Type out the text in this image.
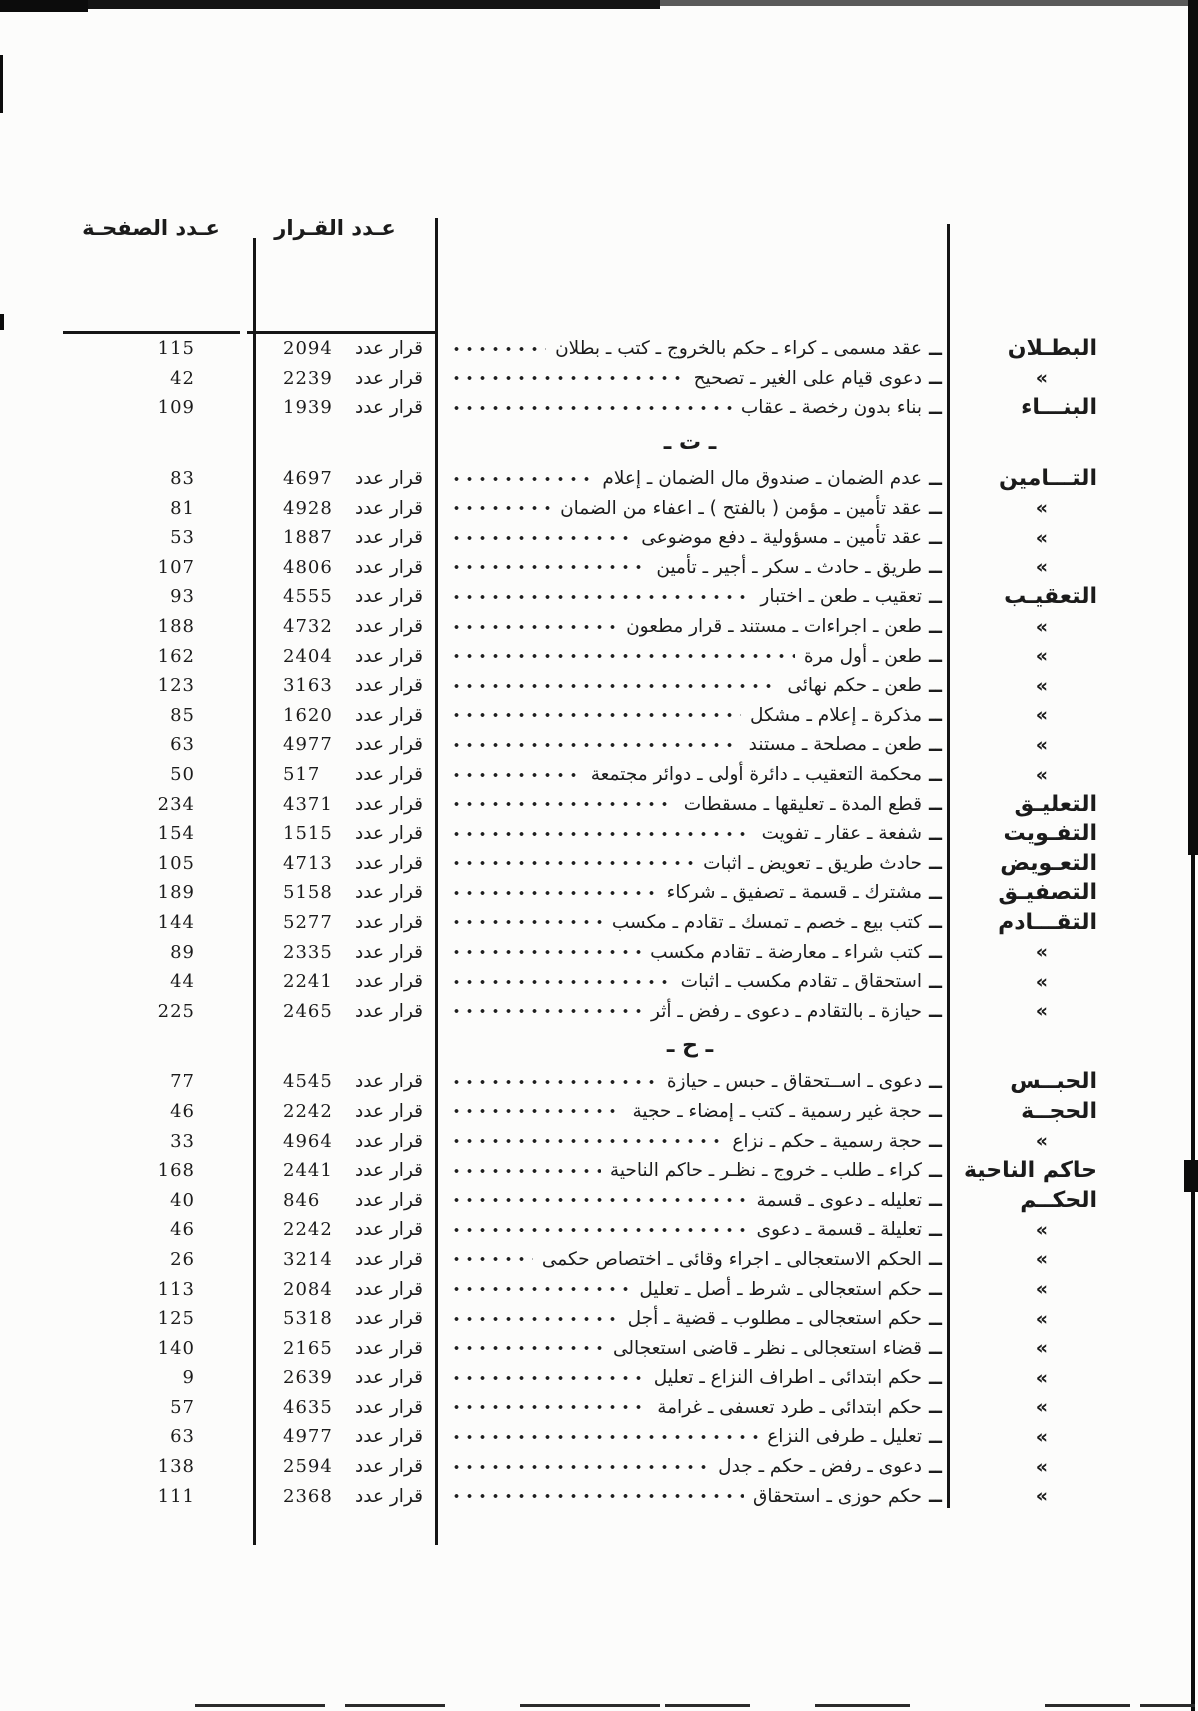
عـدد الصفحـة	عـدد القـرار
البطـلان
ــ
عقد مسمى ـ كراء ـ حكم بالخروج ـ كتب ـ بطلان
قرار عدد
2094
115
»
ــ
دعوى قيام على الغير ـ تصحيح
قرار عدد
2239
42
البنـــاء
ــ
بناء بدون رخصة ـ عقاب
قرار عدد
1939
109
ـ ت ـ
التـــامين
ــ
عدم الضمان ـ صندوق مال الضمان ـ إعلام
قرار عدد
4697
83
»
ــ
عقد تأمين ـ مؤمن ( بالفتح ) ـ اعفاء من الضمان
قرار عدد
4928
81
»
ــ
عقد تأمين ـ مسؤولية ـ دفع موضوعى
قرار عدد
1887
53
»
ــ
طريق ـ حادث ـ سكر ـ أجير ـ تأمين
قرار عدد
4806
107
التعقيـب
ــ
تعقيب ـ طعن ـ اختبار
قرار عدد
4555
93
»
ــ
طعن ـ اجراءات ـ مستند ـ قرار مطعون
قرار عدد
4732
188
»
ــ
طعن ـ أول مرة
قرار عدد
2404
162
»
ــ
طعن ـ حكم نهائى
قرار عدد
3163
123
»
ــ
مذكرة ـ إعلام ـ مشكل
قرار عدد
1620
85
»
ــ
طعن ـ مصلحة ـ مستند
قرار عدد
4977
63
»
ــ
محكمة التعقيب ـ دائرة أولى ـ دوائر مجتمعة
قرار عدد
517
50
التعليـق
ــ
قطع المدة ـ تعليقها ـ مسقطات
قرار عدد
4371
234
التفـويت
ــ
شفعة ـ عقار ـ تفويت
قرار عدد
1515
154
التعـويض
ــ
حادث طريق ـ تعويض ـ اثبات
قرار عدد
4713
105
التصفيـق
ــ
مشترك ـ قسمة ـ تصفيق ـ شركاء
قرار عدد
5158
189
التقـــادم
ــ
كتب بيع ـ خصم ـ تمسك ـ تقادم ـ مكسب
قرار عدد
5277
144
»
ــ
كتب شراء ـ معارضة ـ تقادم مكسب
قرار عدد
2335
89
»
ــ
استحقاق ـ تقادم مكسب ـ اثبات
قرار عدد
2241
44
»
ــ
حيازة ـ بالتقادم ـ دعوى ـ رفض ـ أثر
قرار عدد
2465
225
ـ ح ـ
الحبــس
ــ
دعوى ـ اســتحقاق ـ حبس ـ حيازة
قرار عدد
4545
77
الحجــة
ــ
حجة غير رسمية ـ كتب ـ إمضاء ـ حجية
قرار عدد
2242
46
»
ــ
حجة رسمية ـ حكم ـ نزاع
قرار عدد
4964
33
حاكم الناحية
ــ
كراء ـ طلب ـ خروج ـ نظـر ـ حاكم الناحية
قرار عدد
2441
168
الحكــم
ــ
تعليله ـ دعوى ـ قسمة
قرار عدد
846
40
»
ــ
تعليلة ـ قسمة ـ دعوى
قرار عدد
2242
46
»
ــ
الحكم الاستعجالى ـ اجراء وقائى ـ اختصاص حكمى
قرار عدد
3214
26
»
ــ
حكم استعجالى ـ شرط ـ أصل ـ تعليل
قرار عدد
2084
113
»
ــ
حكم استعجالى ـ مطلوب ـ قضية ـ أجل
قرار عدد
5318
125
»
ــ
قضاء استعجالى ـ نظر ـ قاضى استعجالى
قرار عدد
2165
140
»
ــ
حكم ابتدائى ـ اطراف النزاع ـ تعليل
قرار عدد
2639
9
»
ــ
حكم ابتدائى ـ طرد تعسفى ـ غرامة
قرار عدد
4635
57
»
ــ
تعليل ـ طرفى النزاع
قرار عدد
4977
63
»
ــ
دعوى ـ رفض ـ حكم ـ جدل
قرار عدد
2594
138
»
ــ
حكم حوزى ـ استحقاق
قرار عدد
2368
111
